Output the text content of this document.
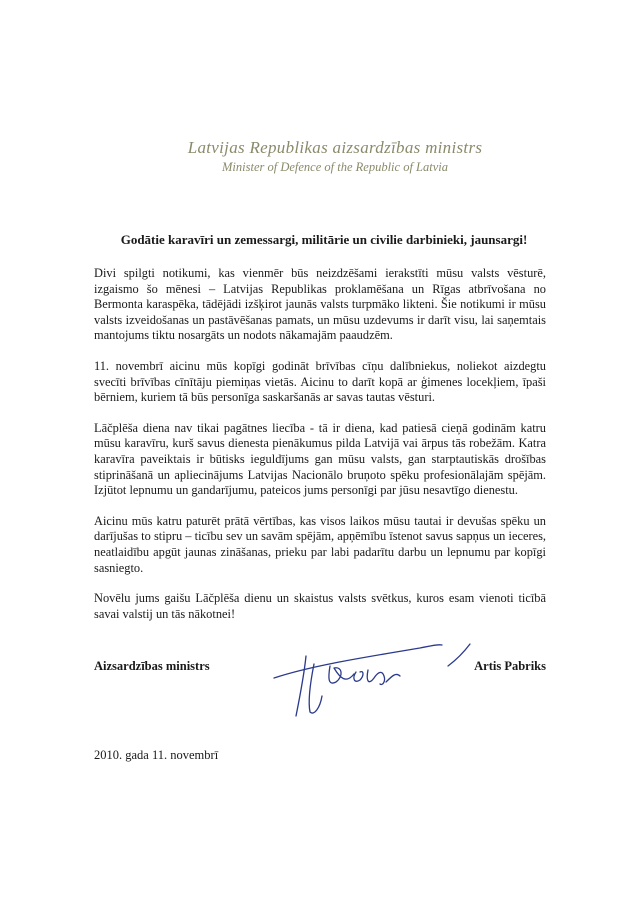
Latvijas Republikas aizsardzības ministrs
Minister of Defence of the Republic of Latvia
Godātie karavīri un zemessargi, militārie un civilie darbinieki, jaunsargi!

Divi spilgti notikumi, kas vienmēr būs neizdzēšami ierakstīti mūsu valsts vēsturē, izgaismo šo mēnesi – Latvijas Republikas proklamēšana un Rīgas atbrīvošana no Bermonta karaspēka, tādējādi izšķirot jaunās valsts turpmāko likteni. Šie notikumi ir mūsu valsts izveidošanas un pastāvēšanas pamats, un mūsu uzdevums ir darīt visu, lai saņemtais mantojums tiktu nosargāts un nodots nākamajām paaudzēm.

11. novembrī aicinu mūs kopīgi godināt brīvības cīņu dalībniekus, noliekot aizdegtu svecīti brīvības cīnītāju piemiņas vietās. Aicinu to darīt kopā ar ģimenes locekļiem, īpaši bērniem, kuriem tā būs personīga saskaršanās ar savas tautas vēsturi.

Lāčplēša diena nav tikai pagātnes liecība - tā ir diena, kad patiesā cieņā godinām katru mūsu karavīru, kurš savus dienesta pienākumus pilda Latvijā vai ārpus tās robežām. Katra karavīra paveiktais ir būtisks ieguldījums gan mūsu valsts, gan starptautiskās drošības stiprināšanā un apliecinājums Latvijas Nacionālo bruņoto spēku profesionālajām spējām. Izjūtot lepnumu un gandarījumu, pateicos jums personīgi par jūsu nesavtīgo dienestu.

Aicinu mūs katru paturēt prātā vērtības, kas visos laikos mūsu tautai ir devušas spēku un darījušas to stipru – ticību sev un savām spējām, apņēmību īstenot savus sapņus un ieceres, neatlaidību apgūt jaunas zināšanas, prieku par labi padarītu darbu un lepnumu par kopīgi sasniegto.

Novēlu jums gaišu Lāčplēša dienu un skaistus valsts svētkus, kuros esam vienoti ticībā savai valstij un tās nākotnei!

Aizsardzības ministrs	Artis Pabriks
2010. gada 11. novembrī
